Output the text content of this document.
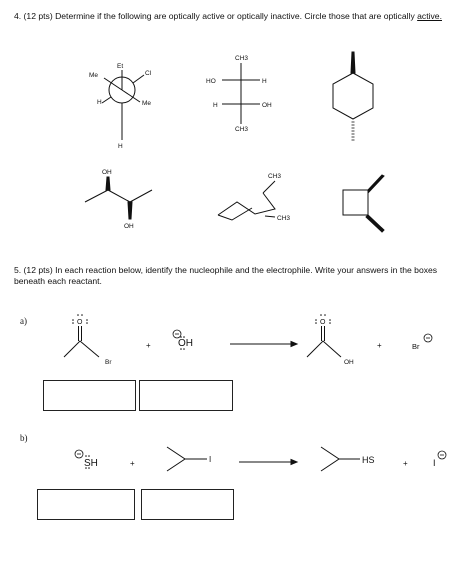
4. (12 pts) Determine if the following are optically active or optically inactive. Circle those that are optically active.
5. (12 pts) In each reaction below, identify the nucleophile and the electrophile. Write your answers in the boxes beneath each reactant.
a)
b)
Et
Me	Cl
H	Me
H
CH3
HO	H
H	OH
CH3
OH
OH
CH3
CH3
O
Br
+	OH
O
OH
+	Br
SH	+	I	HS	+	I
